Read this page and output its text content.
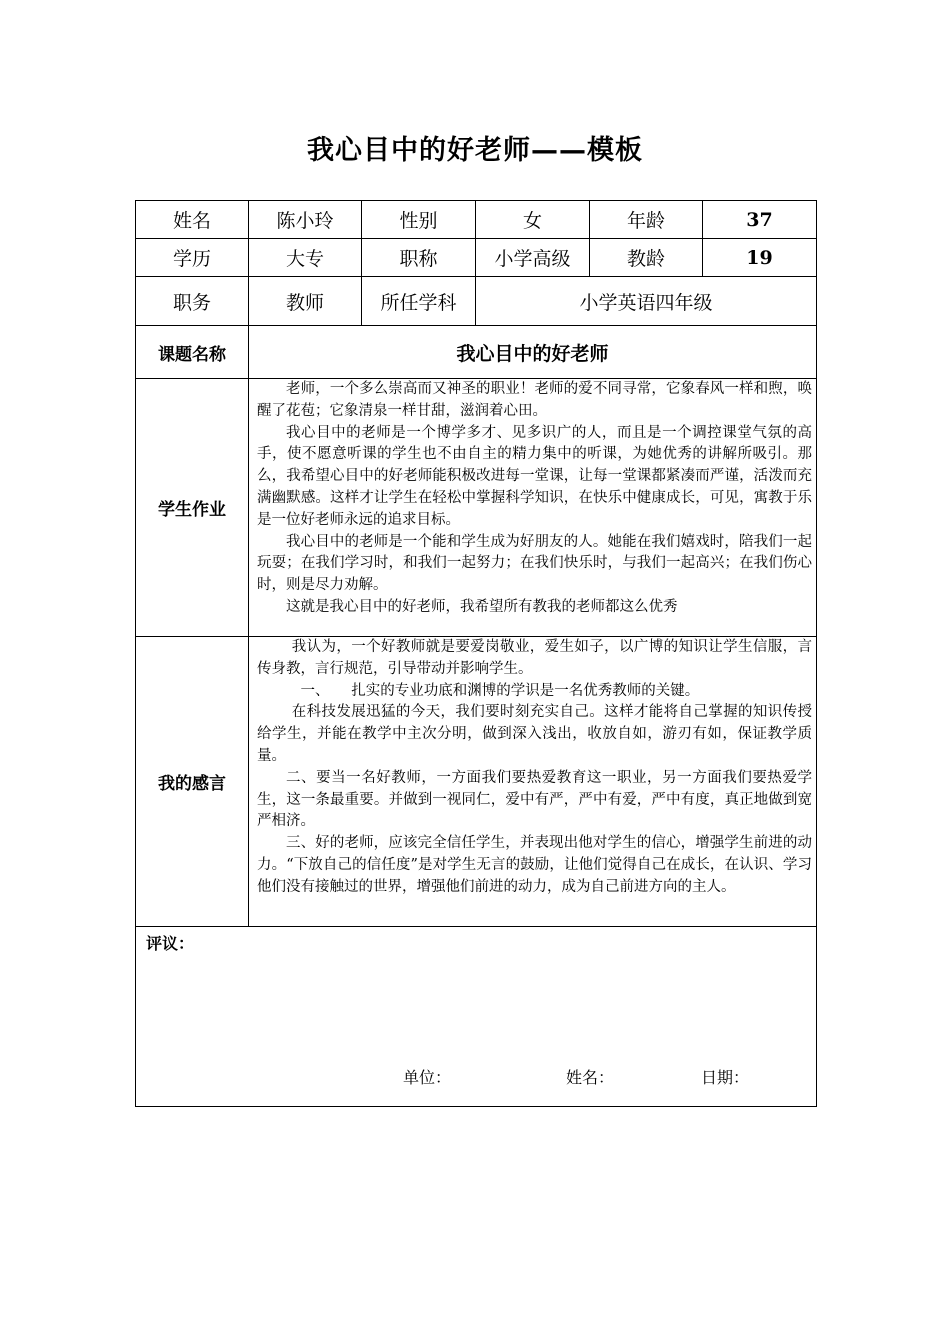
我心目中的好老师——模板
姓名	陈小玲	性别	女	年龄	37
学历	大专	职称	小学高级	教龄	19
职务	教师	所任学科	小学英语四年级		
课题名称	我心目中的好老师				
学生作业	老师，一个多么崇高而又神圣的职业！老师的爱不同寻常，它象春风一样和煦，唤醒了花苞；它象清泉一样甘甜，滋润着心田。

我心目中的老师是一个博学多才、见多识广的人，而且是一个调控课堂气氛的高手，使不愿意听课的学生也不由自主的精力集中的听课，为她优秀的讲解所吸引。那么，我希望心目中的好老师能积极改进每一堂课，让每一堂课都紧凑而严谨，活泼而充满幽默感。这样才让学生在轻松中掌握科学知识，在快乐中健康成长，可见，寓教于乐是一位好老师永远的追求目标。

我心目中的老师是一个能和学生成为好朋友的人。她能在我们嬉戏时，陪我们一起玩耍；在我们学习时，和我们一起努力；在我们快乐时，与我们一起高兴；在我们伤心时，则是尽力劝解。

这就是我心目中的好老师，我希望所有教我的老师都这么优秀				

我的感言	我认为，一个好教师就是要爱岗敬业，爱生如子，以广博的知识让学生信服，言传身教，言行规范，引导带动并影响学生。

一、　　扎实的专业功底和渊博的学识是一名优秀教师的关键。

在科技发展迅猛的今天，我们要时刻充实自己。这样才能将自己掌握的知识传授给学生，并能在教学中主次分明，做到深入浅出，收放自如，游刃有如，保证教学质量。

二、要当一名好教师，一方面我们要热爱教育这一职业，另一方面我们要热爱学生，这一条最重要。并做到一视同仁，爱中有严，严中有爱，严中有度，真正地做到宽严相济。

三、好的老师，应该完全信任学生，并表现出他对学生的信心，增强学生前进的动力。“下放自己的信任度”是对学生无言的鼓励，让他们觉得自己在成长，在认识、学习他们没有接触过的世界，增强他们前进的动力，成为自己前进方向的主人。				

评议：
单位： 姓名： 日期：					
